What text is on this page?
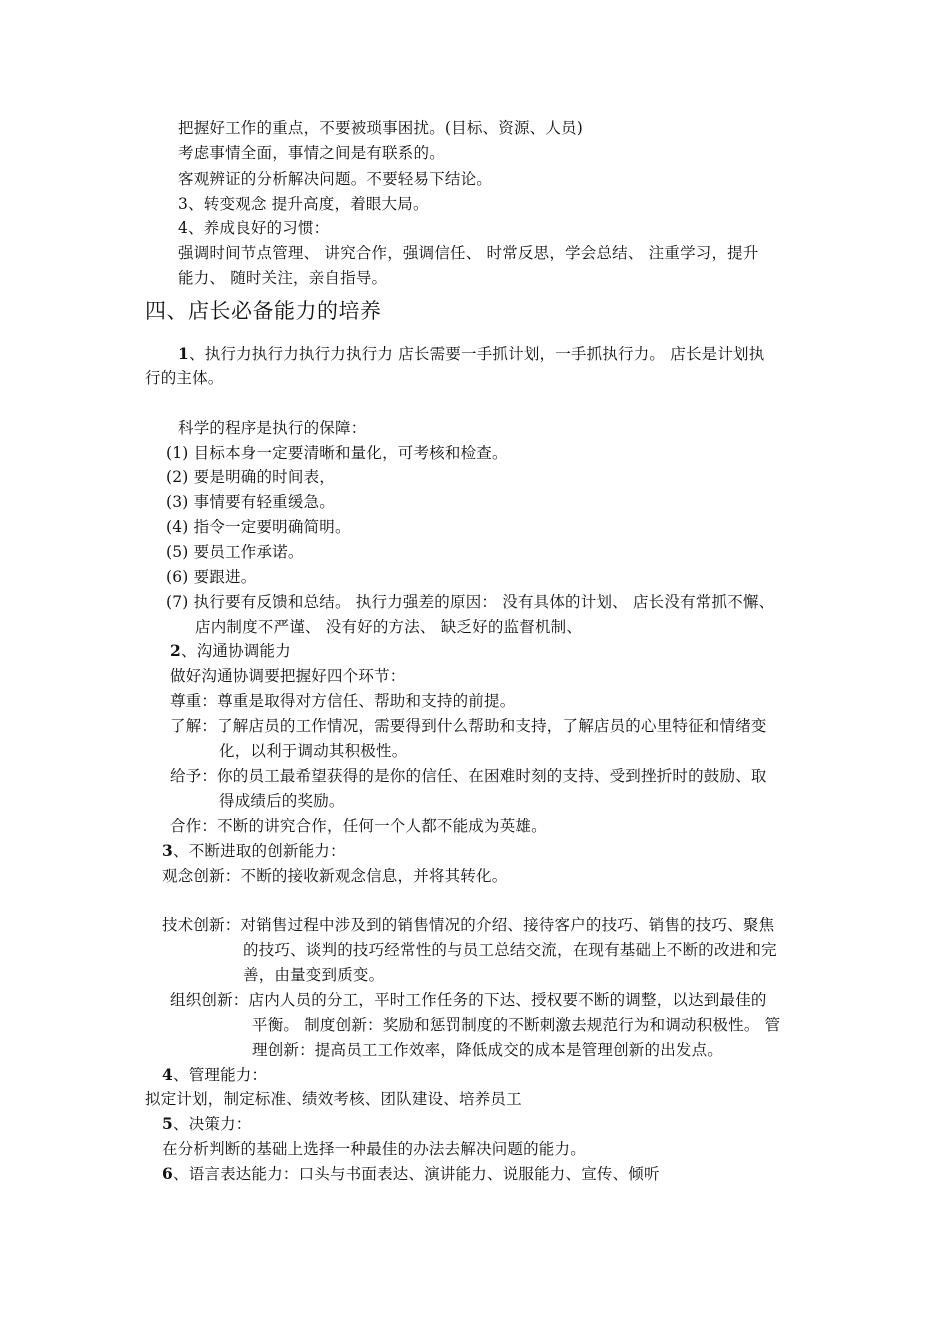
把握好工作的重点，不要被琐事困扰。(目标、资源、人员)
考虑事情全面，事情之间是有联系的。
客观辨证的分析解决问题。不要轻易下结论。
3、转变观念 提升高度，着眼大局。
4、养成良好的习惯：
强调时间节点管理、 讲究合作，强调信任、 时常反思，学会总结、 注重学习，提升
能力、 随时关注，亲自指导。
四、店长必备能力的培养
1、执行力执行力执行力执行力 店长需要一手抓计划，一手抓执行力。 店长是计划执
行的主体。
科学的程序是执行的保障：
(1) 目标本身一定要清晰和量化，可考核和检查。
(2) 要是明确的时间表，
(3) 事情要有轻重缓急。
(4) 指令一定要明确简明。
(5) 要员工作承诺。
(6) 要跟进。
(7) 执行要有反馈和总结。 执行力强差的原因： 没有具体的计划、 店长没有常抓不懈、
店内制度不严谨、 没有好的方法、 缺乏好的监督机制、
2、沟通协调能力
做好沟通协调要把握好四个环节：
尊重：尊重是取得对方信任、帮助和支持的前提。
了解：了解店员的工作情况，需要得到什么帮助和支持，了解店员的心里特征和情绪变
化，以利于调动其积极性。
给予：你的员工最希望获得的是你的信任、在困难时刻的支持、受到挫折时的鼓励、取
得成绩后的奖励。
合作：不断的讲究合作，任何一个人都不能成为英雄。
3、不断进取的创新能力：
观念创新：不断的接收新观念信息，并将其转化。
技术创新：对销售过程中涉及到的销售情况的介绍、接待客户的技巧、销售的技巧、聚焦
的技巧、谈判的技巧经常性的与员工总结交流，在现有基础上不断的改进和完
善，由量变到质变。
组织创新：店内人员的分工，平时工作任务的下达、授权要不断的调整，以达到最佳的
平衡。 制度创新：奖励和惩罚制度的不断刺激去规范行为和调动积极性。 管
理创新：提高员工工作效率，降低成交的成本是管理创新的出发点。
4、管理能力：
拟定计划，制定标准、绩效考核、团队建设、培养员工
5、决策力：
在分析判断的基础上选择一种最佳的办法去解决问题的能力。
6、语言表达能力：口头与书面表达、演讲能力、说服能力、宣传、倾听
